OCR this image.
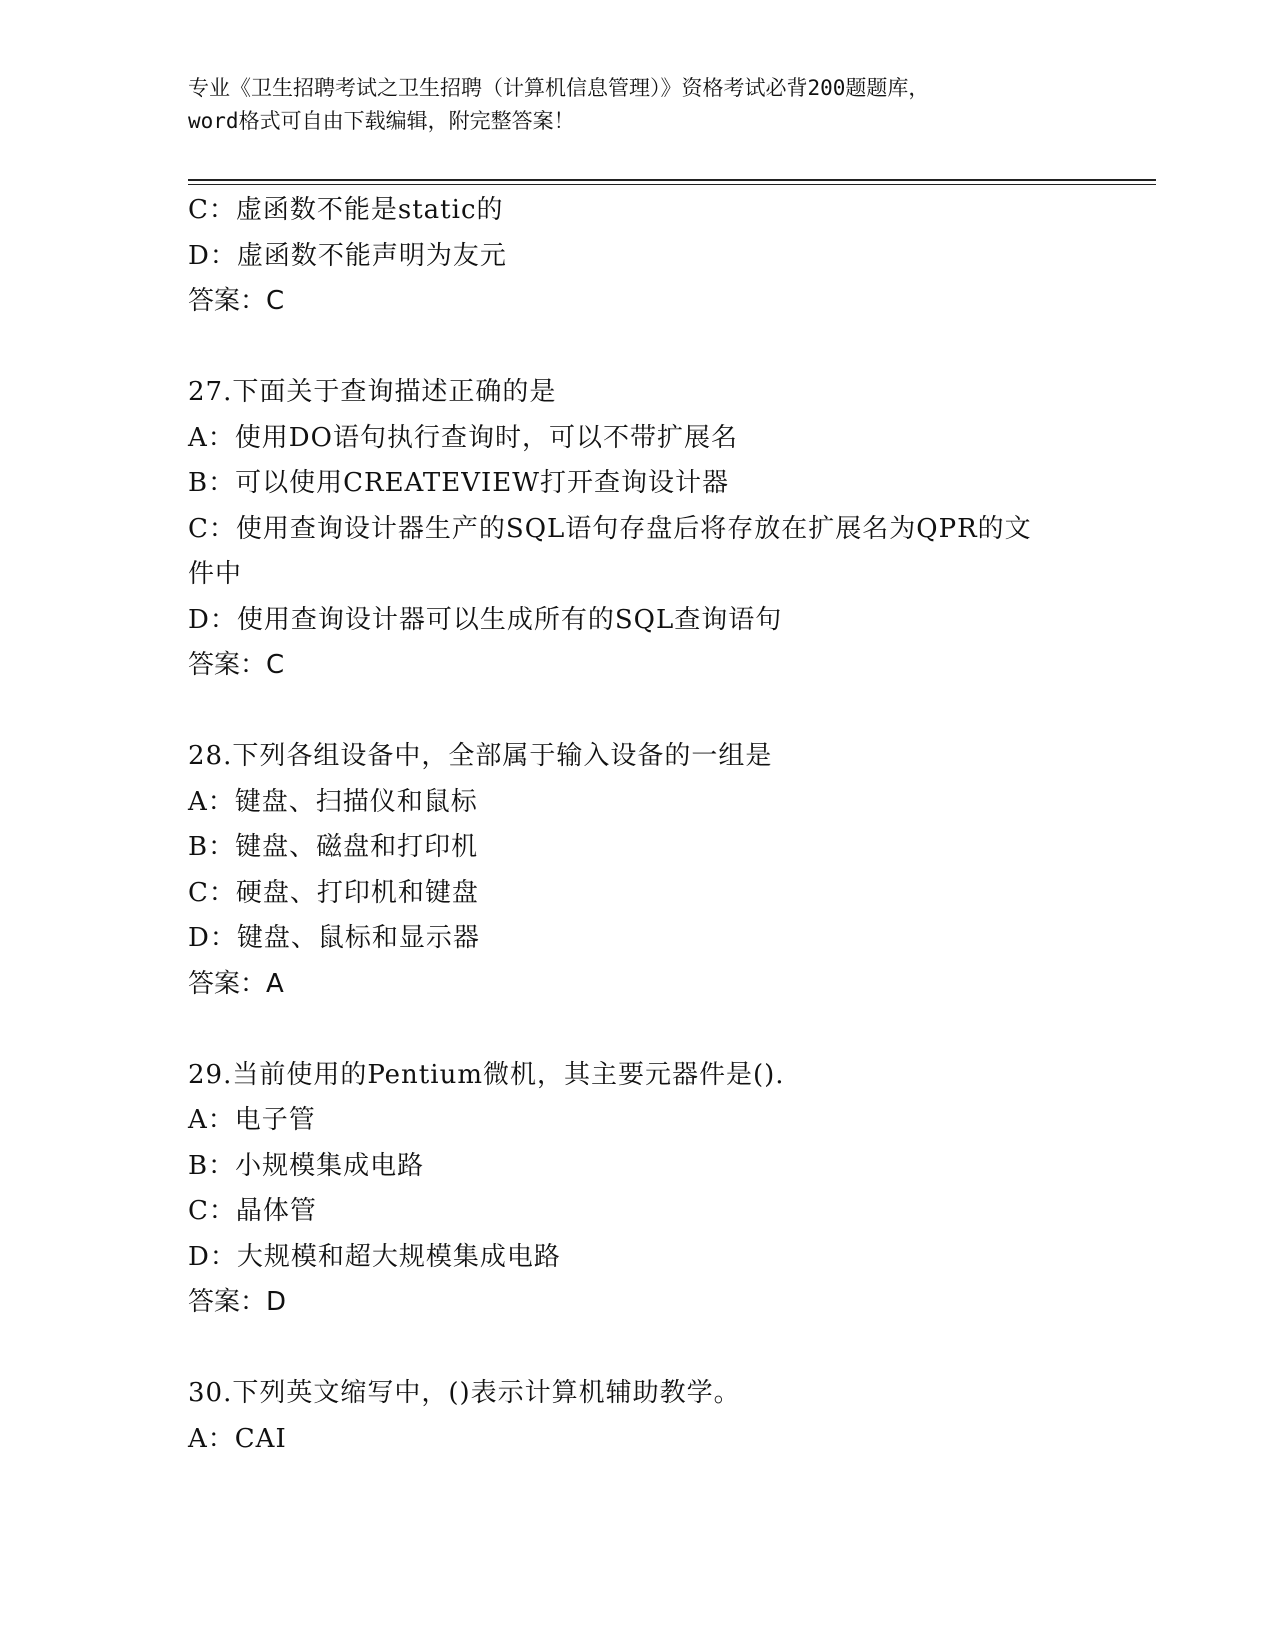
专业《卫生招聘考试之卫生招聘（计算机信息管理）》资格考试必背200题题库，
word格式可自由下载编辑，附完整答案！
C：虚函数不能是static的
D：虚函数不能声明为友元
答案：C
27.下面关于查询描述正确的是
A：使用DO语句执行查询时，可以不带扩展名
B：可以使用CREATEVIEW打开查询设计器
C：使用查询设计器生产的SQL语句存盘后将存放在扩展名为QPR的文
件中
D：使用查询设计器可以生成所有的SQL查询语句
答案：C
28.下列各组设备中，全部属于输入设备的一组是
A：键盘、扫描仪和鼠标
B：键盘、磁盘和打印机
C：硬盘、打印机和键盘
D：键盘、鼠标和显示器
答案：A
29.当前使用的Pentium微机，其主要元器件是().
A：电子管
B：小规模集成电路
C：晶体管
D：大规模和超大规模集成电路
答案：D
30.下列英文缩写中，()表示计算机辅助教学。
A：CAI
